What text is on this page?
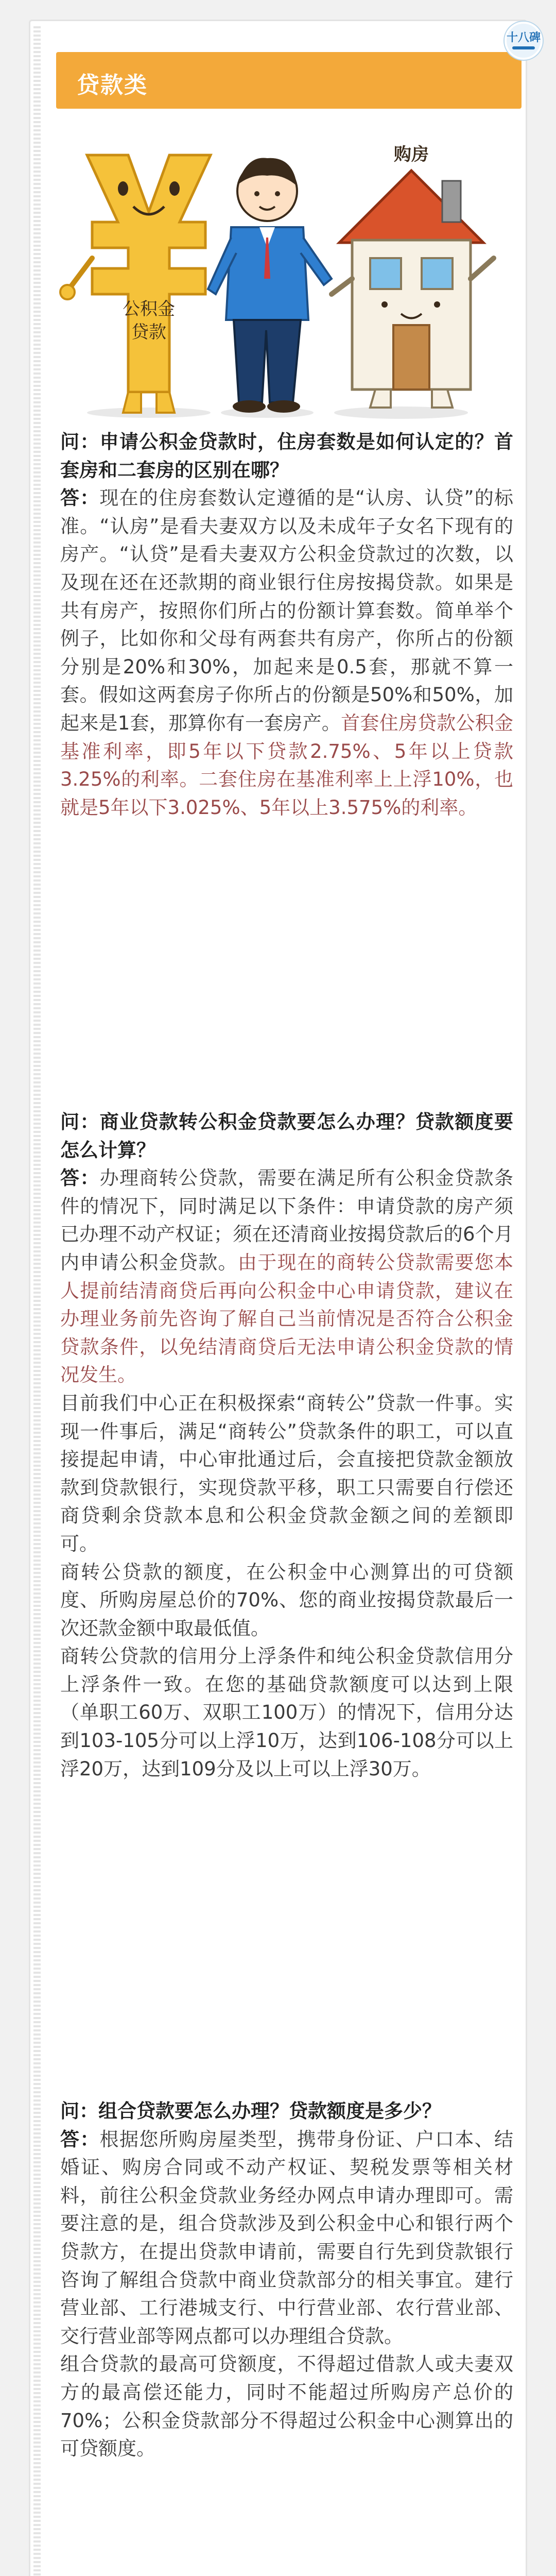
贷款类
公积金
贷款
购房
问：申请公积金贷款时，住房套数是如何认定的？首套房和二套房的区别在哪？
答：现在的住房套数认定遵循的是“认房、认贷”的标准。“认房”是看夫妻双方以及未成年子女名下现有的房产。“认贷”是看夫妻双方公积金贷款过的次数，以及现在还在还款期的商业银行住房按揭贷款。如果是共有房产，按照你们所占的份额计算套数。简单举个例子，比如你和父母有两套共有房产，你所占的份额分别是20%和30%，加起来是0.5套，那就不算一套。假如这两套房子你所占的份额是50%和50%，加起来是1套，那算你有一套房产。首套住房贷款公积金基准利率，即5年以下贷款2.75%、5年以上贷款3.25%的利率。二套住房在基准利率上上浮10%，也就是5年以下3.025%、5年以上3.575%的利率。
问：商业贷款转公积金贷款要怎么办理？贷款额度要怎么计算？
答：办理商转公贷款，需要在满足所有公积金贷款条件的情况下，同时满足以下条件：申请贷款的房产须已办理不动产权证；须在还清商业按揭贷款后的6个月内申请公积金贷款。由于现在的商转公贷款需要您本人提前结清商贷后再向公积金中心申请贷款，建议在办理业务前先咨询了解自己当前情况是否符合公积金贷款条件，以免结清商贷后无法申请公积金贷款的情况发生。
目前我们中心正在积极探索“商转公”贷款一件事。实现一件事后，满足“商转公”贷款条件的职工，可以直接提起申请，中心审批通过后，会直接把贷款金额放款到贷款银行，实现贷款平移，职工只需要自行偿还商贷剩余贷款本息和公积金贷款金额之间的差额即可。
商转公贷款的额度，在公积金中心测算出的可贷额度、所购房屋总价的70%、您的商业按揭贷款最后一次还款金额中取最低值。
商转公贷款的信用分上浮条件和纯公积金贷款信用分上浮条件一致。在您的基础贷款额度可以达到上限（单职工60万、双职工100万）的情况下，信用分达到103-105分可以上浮10万，达到106-108分可以上浮20万，达到109分及以上可以上浮30万。
问：组合贷款要怎么办理？贷款额度是多少？
答：根据您所购房屋类型，携带身份证、户口本、结婚证、购房合同或不动产权证、契税发票等相关材料，前往公积金贷款业务经办网点申请办理即可。需要注意的是，组合贷款涉及到公积金中心和银行两个贷款方，在提出贷款申请前，需要自行先到贷款银行咨询了解组合贷款中商业贷款部分的相关事宜。建行营业部、工行港城支行、中行营业部、农行营业部、交行营业部等网点都可以办理组合贷款。
组合贷款的最高可贷额度，不得超过借款人或夫妻双方的最高偿还能力，同时不能超过所购房产总价的70%；公积金贷款部分不得超过公积金中心测算出的可贷额度。
十八碑
